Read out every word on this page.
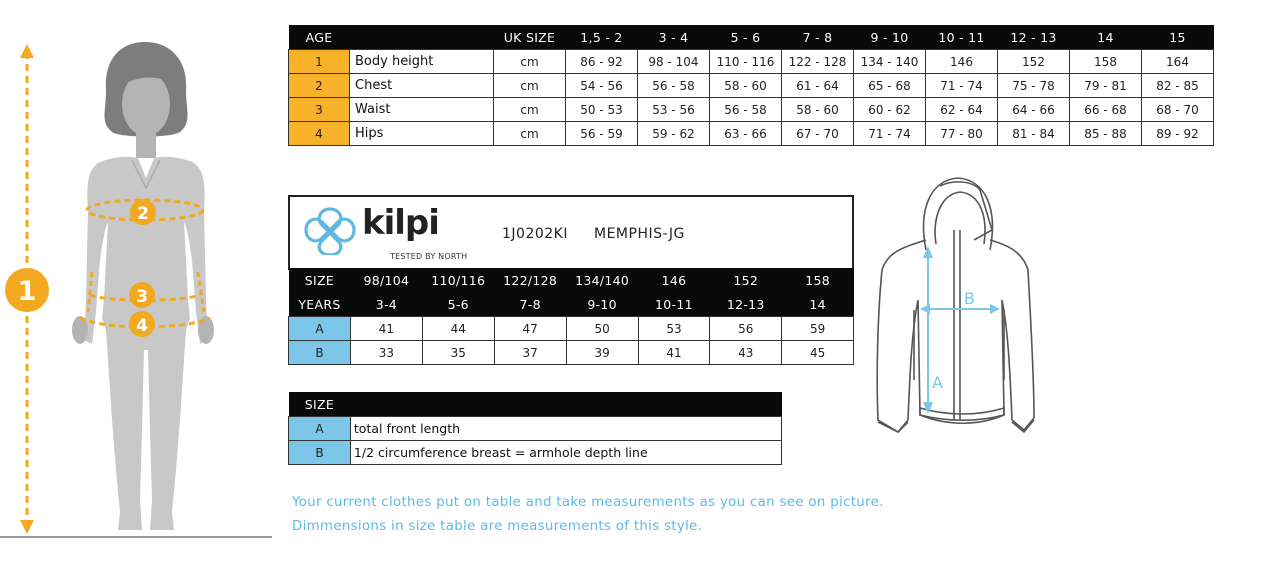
1
2
3
4
AGE		UK SIZE	1,5 - 2	3 - 4	5 - 6	7 - 8	9 - 10	10 - 11	12 - 13	14	15
1	Body height	cm	86 - 92	98 - 104	110 - 116	122 - 128	134 - 140	146	152	158	164
2	Chest	cm	54 - 56	56 - 58	58 - 60	61 - 64	65 - 68	71 - 74	75 - 78	79 - 81	82 - 85
3	Waist	cm	50 - 53	53 - 56	56 - 58	58 - 60	60 - 62	62 - 64	64 - 66	66 - 68	68 - 70
4	Hips	cm	56 - 59	59 - 62	63 - 66	67 - 70	71 - 74	77 - 80	81 - 84	85 - 88	89 - 92
kilpi
TESTED BY NORTH
1J0202KI MEMPHIS-JG
SIZE	98/104	110/116	122/128	134/140	146	152	158
YEARS	3-4	5-6	7-8	9-10	10-11	12-13	14
A	41	44	47	50	53	56	59
B	33	35	37	39	41	43	45
SIZE	
A	total front length
B	1/2 circumference breast = armhole depth line
A
B
Your current clothes put on table and take measurements as you can see on picture.
Dimmensions in size table are measurements of this style.
